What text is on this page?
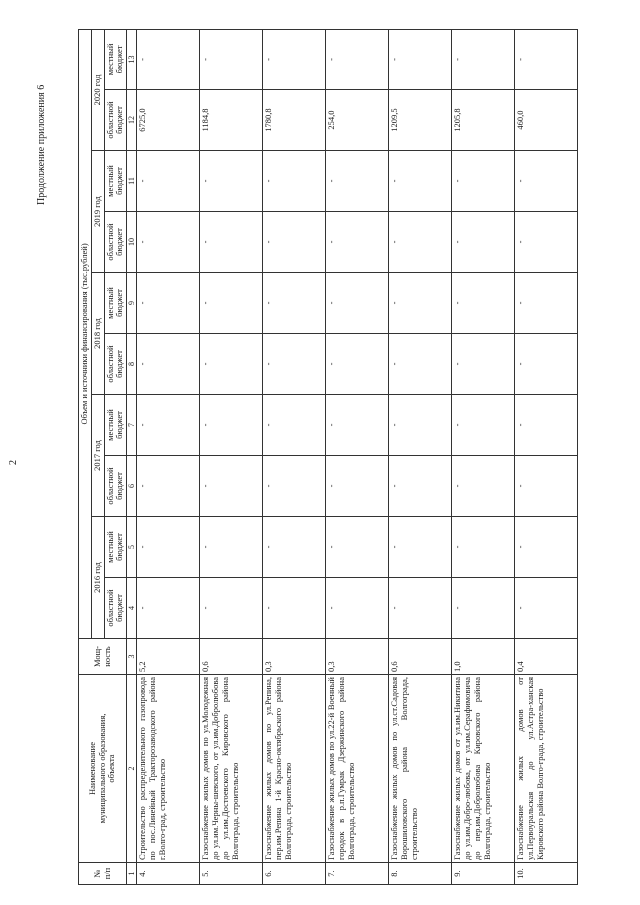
2
Продолжение приложения 6
№
п/п	Наименование
муниципального образования,
объекта	Мощ-
ность	Объем и источники финансирования (тыс.рублей)									
			2016 год		2017 год		2018 год		2019 год		2020 год	
			областной
бюджет	местный
бюджет	областной
бюджет	местный
бюджет	областной
бюджет	местный
бюджет	областной
бюджет	местный
бюджет	областной
бюджет	местный
бюджет
1	2	3	4	5	6	7	8	9	10	11	12	13
4.	Строительство распределительного газопровода по пос.Линейный Тракторозаводского района г.Волго-град, строительство	5,2	-	-	-	-	-	-	-	-	6725,0	-
5.	Газоснабжение жилых домов по ул.Молодежная до ул.им.Черны-шевского, от ул.им.Добролюбова до ул.им.Достоевского Кировского района Волгограда, строительство	0,6	-	-	-	-	-	-	-	-	1184,8	-
6.	Газоснабжение жилых домов по ул.Репина, пер.им.Репина 1-й Красно-октябрьского района Волгограда, строительство	0,3	-	-	-	-	-	-	-	-	1780,8	-
7.	Газоснабжение жилых домов по ул.22-й Военный городок в р.п.Гумрак Дзержинского района Волгограда, строительство	0,3	-	-	-	-	-	-	-	-	254,0	-
8.	Газоснабжение жилых домов по ул.ст.Садовая Ворошиловского района Волгограда, строительство	0,6	-	-	-	-	-	-	-	-	1209,5	-
9.	Газоснабжение жилых домов от ул.им.Никитина до ул.им.Добро-любова, от ул.им.Серафимовича до пер.им.Добролюбова Кировского района Волгограда, строительство	1,0	-	-	-	-	-	-	-	-	1205,8	-
10.	Газоснабжение жилых домов от ул.Первоуральская до ул.Астра-ханская Кировского района Волго-града, строительство	0,4	-	-	-	-	-	-	-	-	460,0	-
